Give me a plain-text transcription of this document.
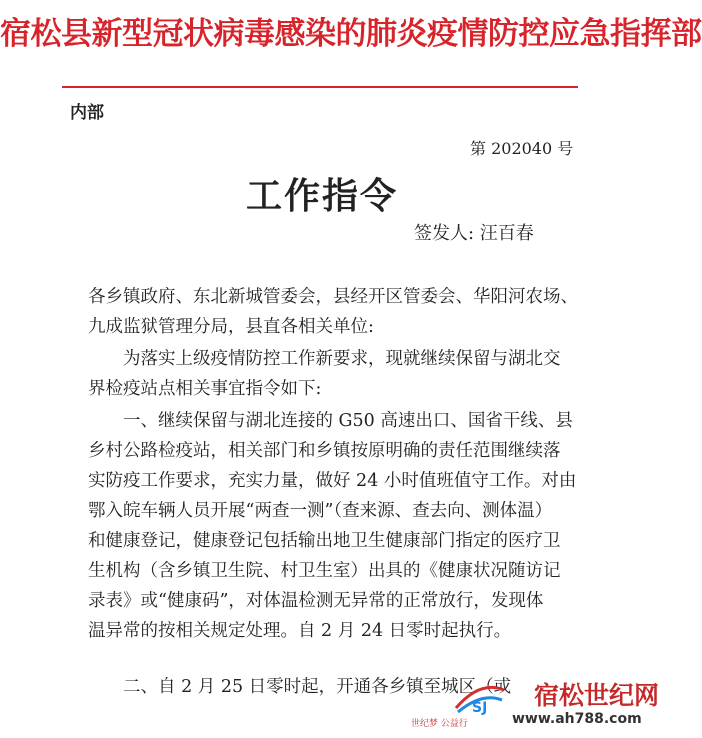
宿松县新型冠状病毒感染的肺炎疫情防控应急指挥部
内部
第 202040 号
工作指令
签发人: 汪百春
各乡镇政府、东北新城管委会，县经开区管委会、华阳河农场、
九成监狱管理分局，县直各相关单位:
为落实上级疫情防控工作新要求，现就继续保留与湖北交
界检疫站点相关事宜指令如下:
一、继续保留与湖北连接的 G50 高速出口、国省干线、县
乡村公路检疫站，相关部门和乡镇按原明确的责任范围继续落
实防疫工作要求，充实力量，做好 24 小时值班值守工作。对由
鄂入皖车辆人员开展“两查一测”（查来源、查去向、测体温）
和健康登记，健康登记包括输出地卫生健康部门指定的医疗卫
生机构（含乡镇卫生院、村卫生室）出具的《健康状况随访记
录表》或“健康码”，对体温检测无异常的正常放行，发现体
温异常的按相关规定处理。自 2 月 24 日零时起执行。
二、自 2 月 25 日零时起，开通各乡镇至城区（或
SJ 宿松世纪网
www.ah788.com
世纪梦 公益行
